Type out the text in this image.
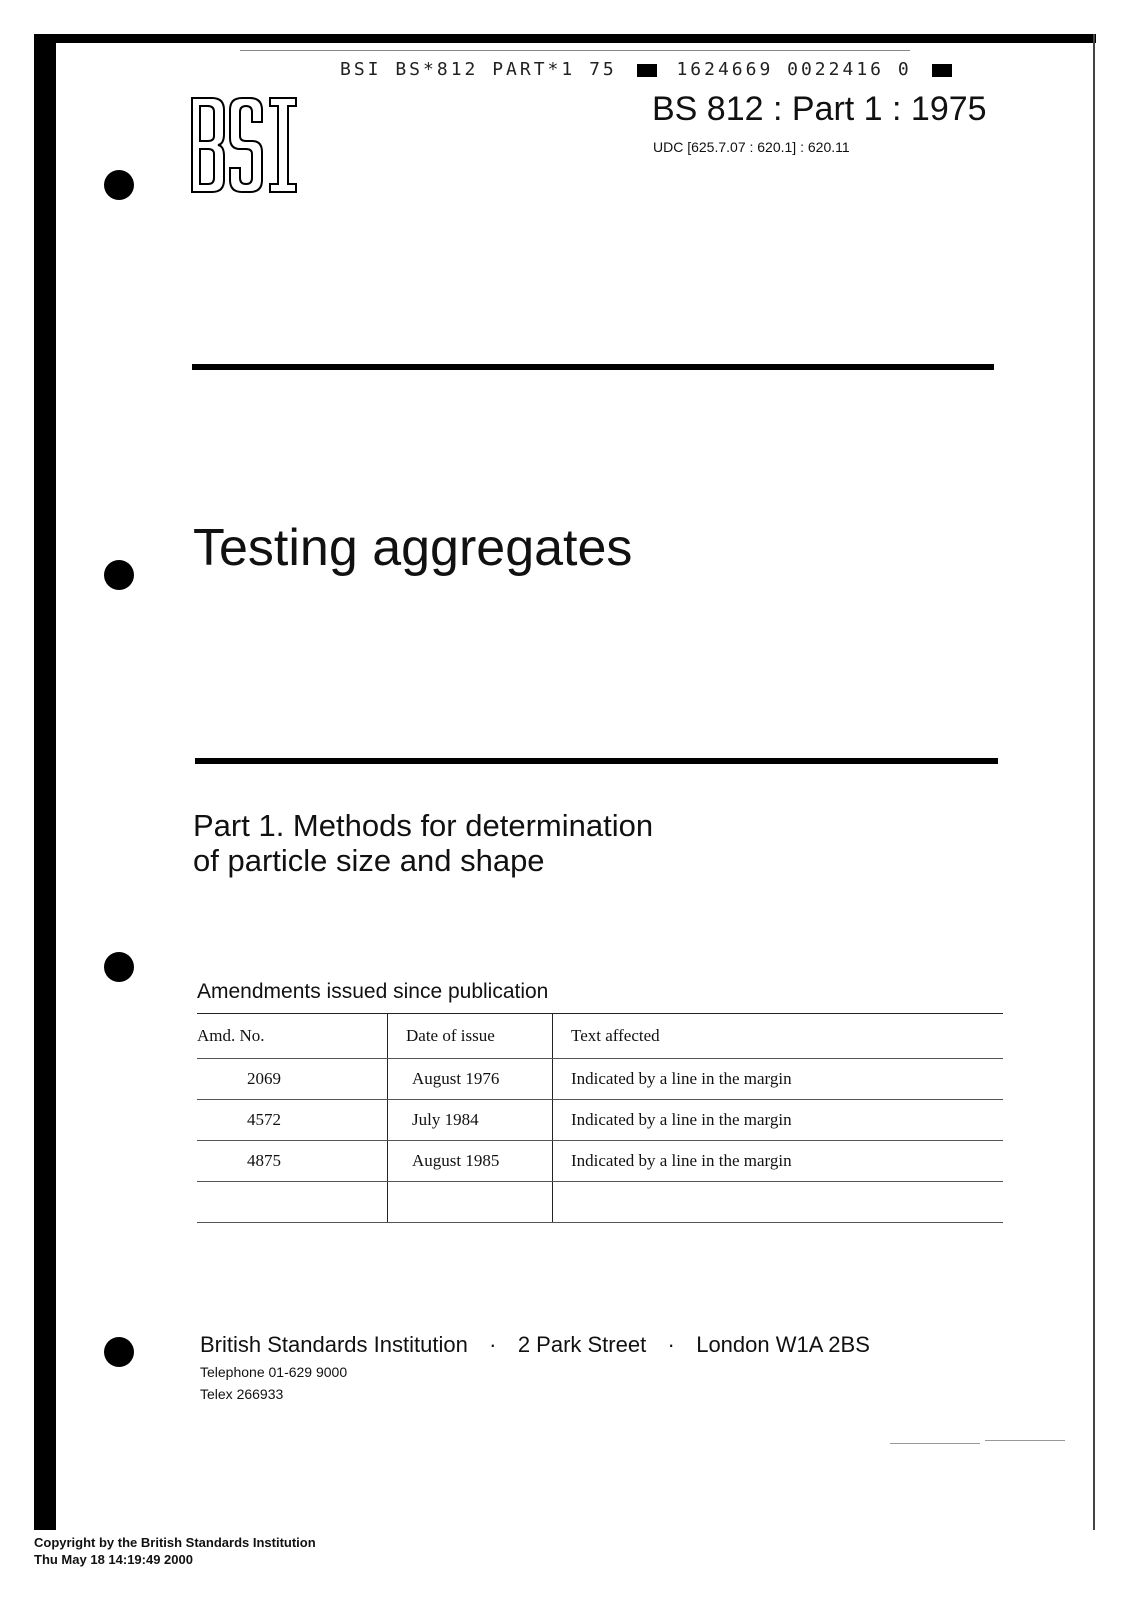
BSI BS*812 PART*1 75	1624669 0022416 0
BS 812 : Part 1 : 1975
UDC [625.7.07 : 620.1] : 620.11
Testing aggregates
Part 1. Methods for determination
of particle size and shape
Amendments issued since publication
Amd. No.	Date of issue	Text affected
2069	August 1976	Indicated by a line in the margin
4572	July 1984	Indicated by a line in the margin
4875	August 1985	Indicated by a line in the margin

British Standards Institution · 2 Park Street · London W1A 2BS
Telephone 01-629 9000
Telex 266933
Copyright by the British Standards Institution
Thu May 18 14:19:49 2000
